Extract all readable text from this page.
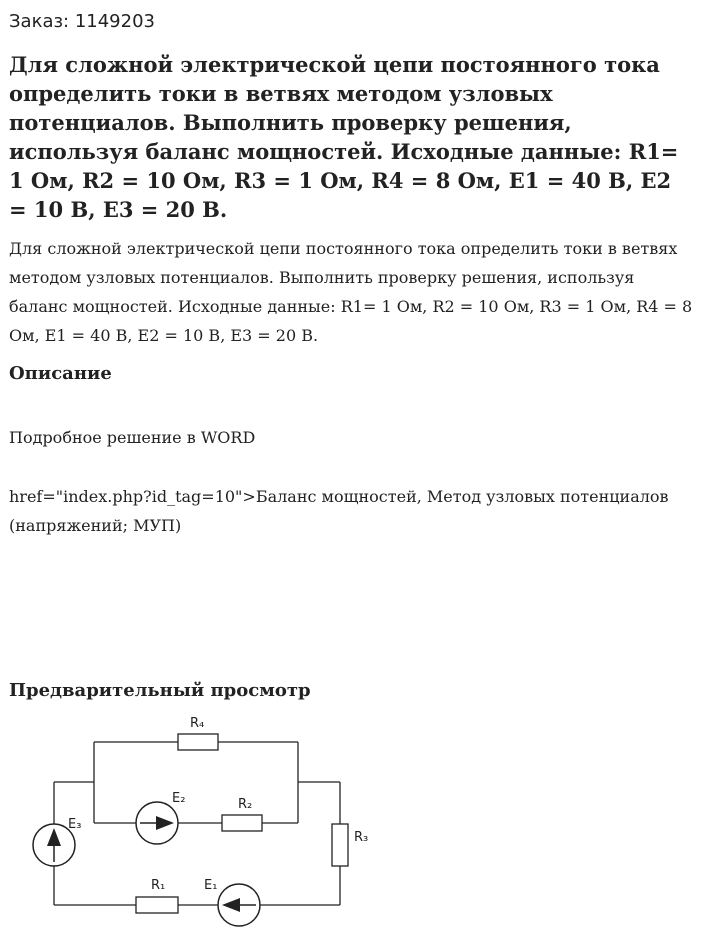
Заказ: 1149203
Для сложной электрической цепи постоянного тока определить токи в ветвях методом узловых потенциалов. Выполнить проверку решения, используя баланс мощностей. Исходные данные: R1= 1 Ом, R2 = 10 Ом, R3 = 1 Ом, R4 = 8 Ом, E1 = 40 В, E2 = 10 В, E3 = 20 В.
Для сложной электрической цепи постоянного тока определить токи в ветвях методом узловых потенциалов. Выполнить проверку решения, используя баланс мощностей. Исходные данные: R1= 1 Ом, R2 = 10 Ом, R3 = 1 Ом, R4 = 8 Ом, E1 = 40 В, E2 = 10 В, E3 = 20 В.
Описание
Подробное решение в WORD
href="index.php?id_tag=10">Баланс мощностей, Метод узловых потенциалов (напряжений; МУП)
Предварительный просмотр
R₄
E₂	R₂
E₃
R₃
R₁	E₁
